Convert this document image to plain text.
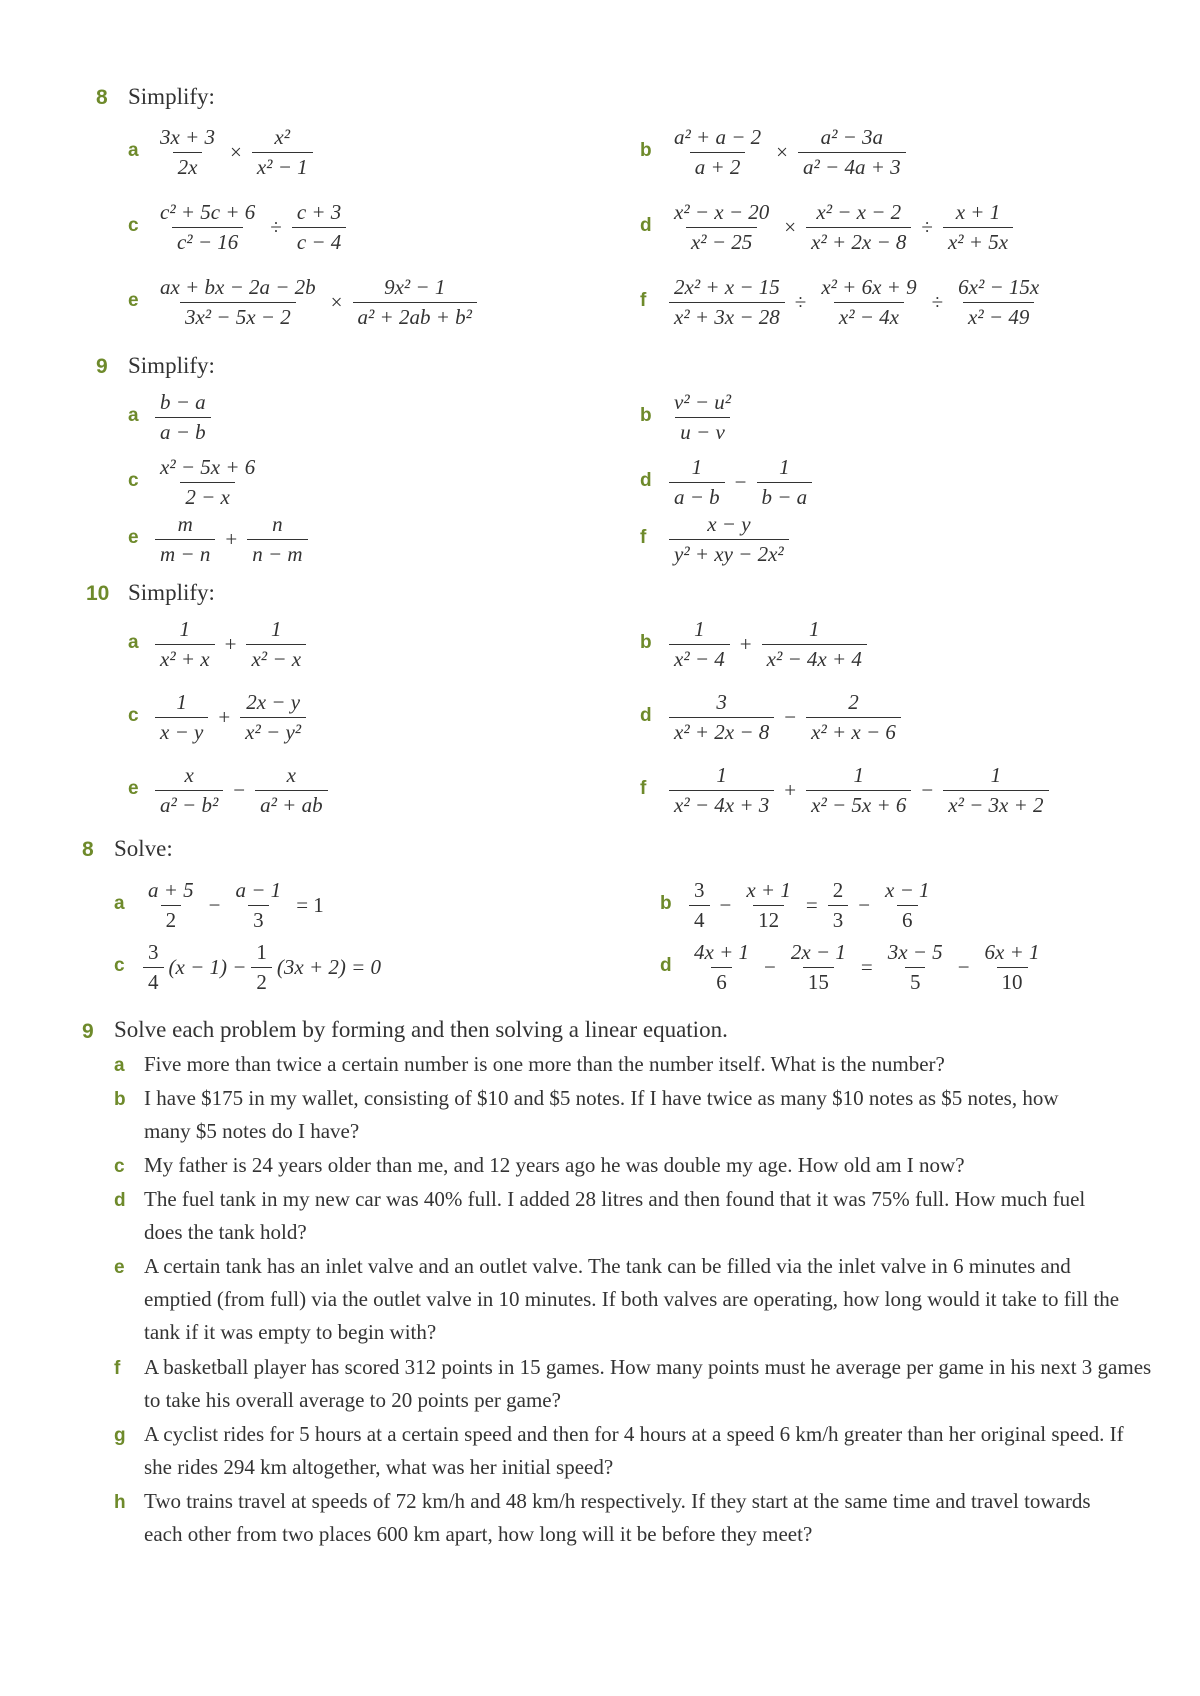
8 Simplify:
a $\frac{3x + 3}{2x} \times \frac{\text{x²}}{\text{x² − 1}}$	b $\frac{\text{a² + a − 2}}{a + 2} \times \frac{\text{a² − 3a}}{\text{a² − 4a + 3}}$
c $\frac{\text{c² + 5c + 6}}{\text{c² − 16}} \div \frac{c + 3}{c - 4}$	d $\frac{\text{x² − x − 20}}{\text{x² − 25}} \times \frac{\text{x² − x − 2}}{\text{x² + 2x − 8}} \div \frac{x + 1}{\text{x² + 5x}}$
e $\frac{ax + bx - 2a - 2b}{\text{3x² − 5x − 2}} \times \frac{\text{9x² − 1}}{\text{a² + 2ab + b²}}$	f $\frac{\text{2x² + x − 15}}{\text{x² + 3x − 28}} \div \frac{\text{x² + 6x + 9}}{\text{x² − 4x}} \div \frac{\text{6x² − 15x}}{\text{x² − 49}}$
9 Simplify:
a $\frac{b - a}{a - b}$	b $\frac{\text{v² − u²}}{u - v}$
c $\frac{\text{x² − 5x + 6}}{2 - x}$	d $\frac{1}{a - b} - \frac{1}{b - a}$
e $\frac{m}{m - n} + \frac{n}{n - m}$	f $\frac{x - y}{\text{y² + xy − 2x²}}$
10 Simplify:
a $\frac{1}{\text{x² + x}} + \frac{1}{\text{x² − x}}$	b $\frac{1}{\text{x² − 4}} + \frac{1}{\text{x² − 4x + 4}}$
c $\frac{1}{x - y} + \frac{2x - y}{\text{x² − y²}}$	d $\frac{3}{\text{x² + 2x − 8}} - \frac{2}{\text{x² + x − 6}}$
e $\frac{x}{\text{a² − b²}} - \frac{x}{\text{a² + ab}}$	f $\frac{1}{\text{x² − 4x + 3}} + \frac{1}{\text{x² − 5x + 6}} - \frac{1}{\text{x² − 3x + 2}}$
8 Solve:
a $\frac{a + 5}{2} - \frac{a - 1}{3} = 1$	b $\frac{3}{4} - \frac{x + 1}{12} = \frac{2}{3} - \frac{x - 1}{6}$
c $\frac{3}{4} (x - 1) - \frac{1}{2} (3x + 2) = 0$	d $\frac{4x + 1}{6} - \frac{2x - 1}{15} = \frac{3x - 5}{5} - \frac{6x + 1}{10}$
9 Solve each problem by forming and then solving a linear equation.
a Five more than twice a certain number is one more than the number itself. What is the number?
b I have $175 in my wallet, consisting of $10 and $5 notes. If I have twice as many $10 notes as $5 notes, how many $5 notes do I have?
c My father is 24 years older than me, and 12 years ago he was double my age. How old am I now?
d The fuel tank in my new car was 40% full. I added 28 litres and then found that it was 75% full. How much fuel does the tank hold?
e A certain tank has an inlet valve and an outlet valve. The tank can be filled via the inlet valve in 6 minutes and emptied (from full) via the outlet valve in 10 minutes. If both valves are operating, how long would it take to fill the tank if it was empty to begin with?
f A basketball player has scored 312 points in 15 games. How many points must he average per game in his next 3 games to take his overall average to 20 points per game?
g A cyclist rides for 5 hours at a certain speed and then for 4 hours at a speed 6 km/h greater than her original speed. If she rides 294 km altogether, what was her initial speed?
h Two trains travel at speeds of 72 km/h and 48 km/h respectively. If they start at the same time and travel towards each other from two places 600 km apart, how long will it be before they meet?
